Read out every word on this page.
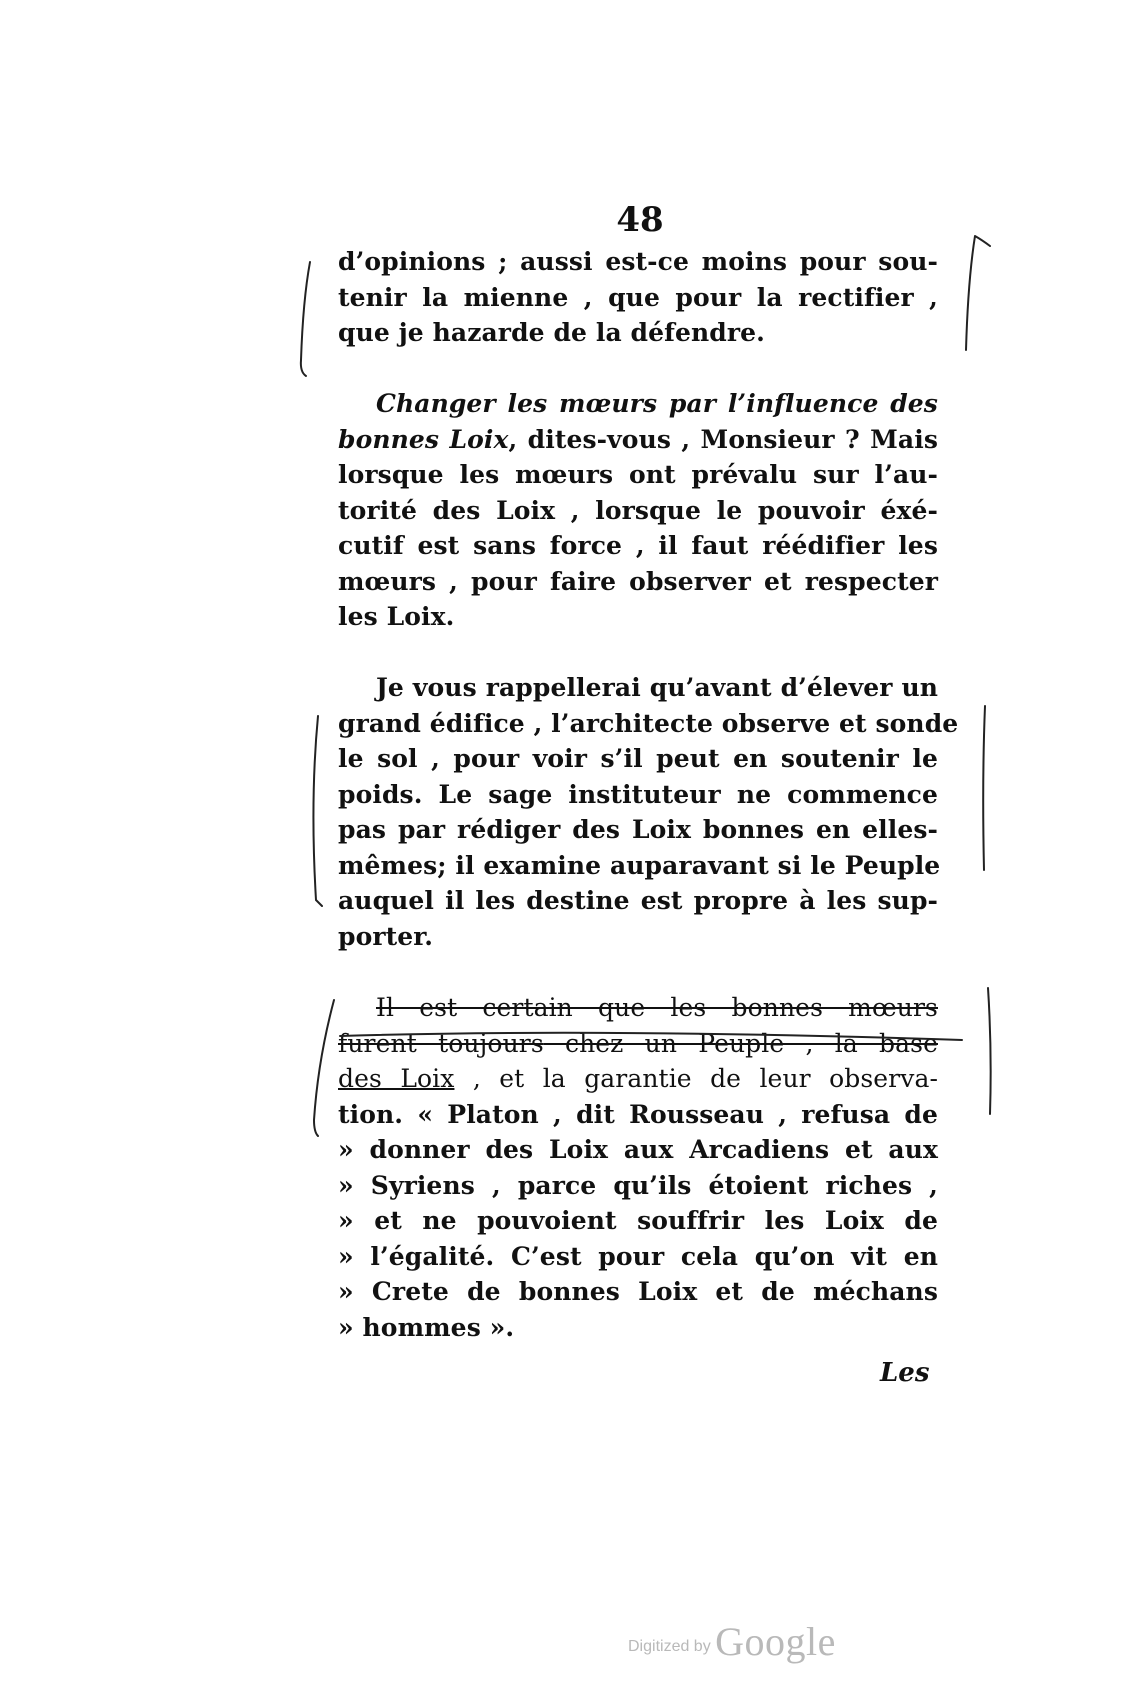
48
d’opinions ; aussi est-ce moins pour sou-
tenir la mienne , que pour la rectifier ,
que je hazarde de la défendre.
Changer les mœurs par l’influence des
bonnes Loix, dites-vous , Monsieur ? Mais
lorsque les mœurs ont prévalu sur l’au-
torité des Loix , lorsque le pouvoir éxé-
cutif est sans force , il faut réédifier les
mœurs , pour faire observer et respecter
les Loix.
Je vous rappellerai qu’avant d’élever un
grand édifice , l’architecte observe et sonde
le sol , pour voir s’il peut en soutenir le
poids. Le sage instituteur ne commence
pas par rédiger des Loix bonnes en elles-
mêmes; il examine auparavant si le Peuple
auquel il les destine est propre à les sup-
porter.
Il est certain que les bonnes mœurs
furent toujours chez un Peuple , la base
des Loix , et la garantie de leur observa-
tion. « Platon , dit Rousseau , refusa de
» donner des Loix aux Arcadiens et aux
» Syriens , parce qu’ils étoient riches ,
» et ne pouvoient souffrir les Loix de
» l’égalité. C’est pour cela qu’on vit en
» Crete de bonnes Loix et de méchans
» hommes ».
Les
Digitized by Google
